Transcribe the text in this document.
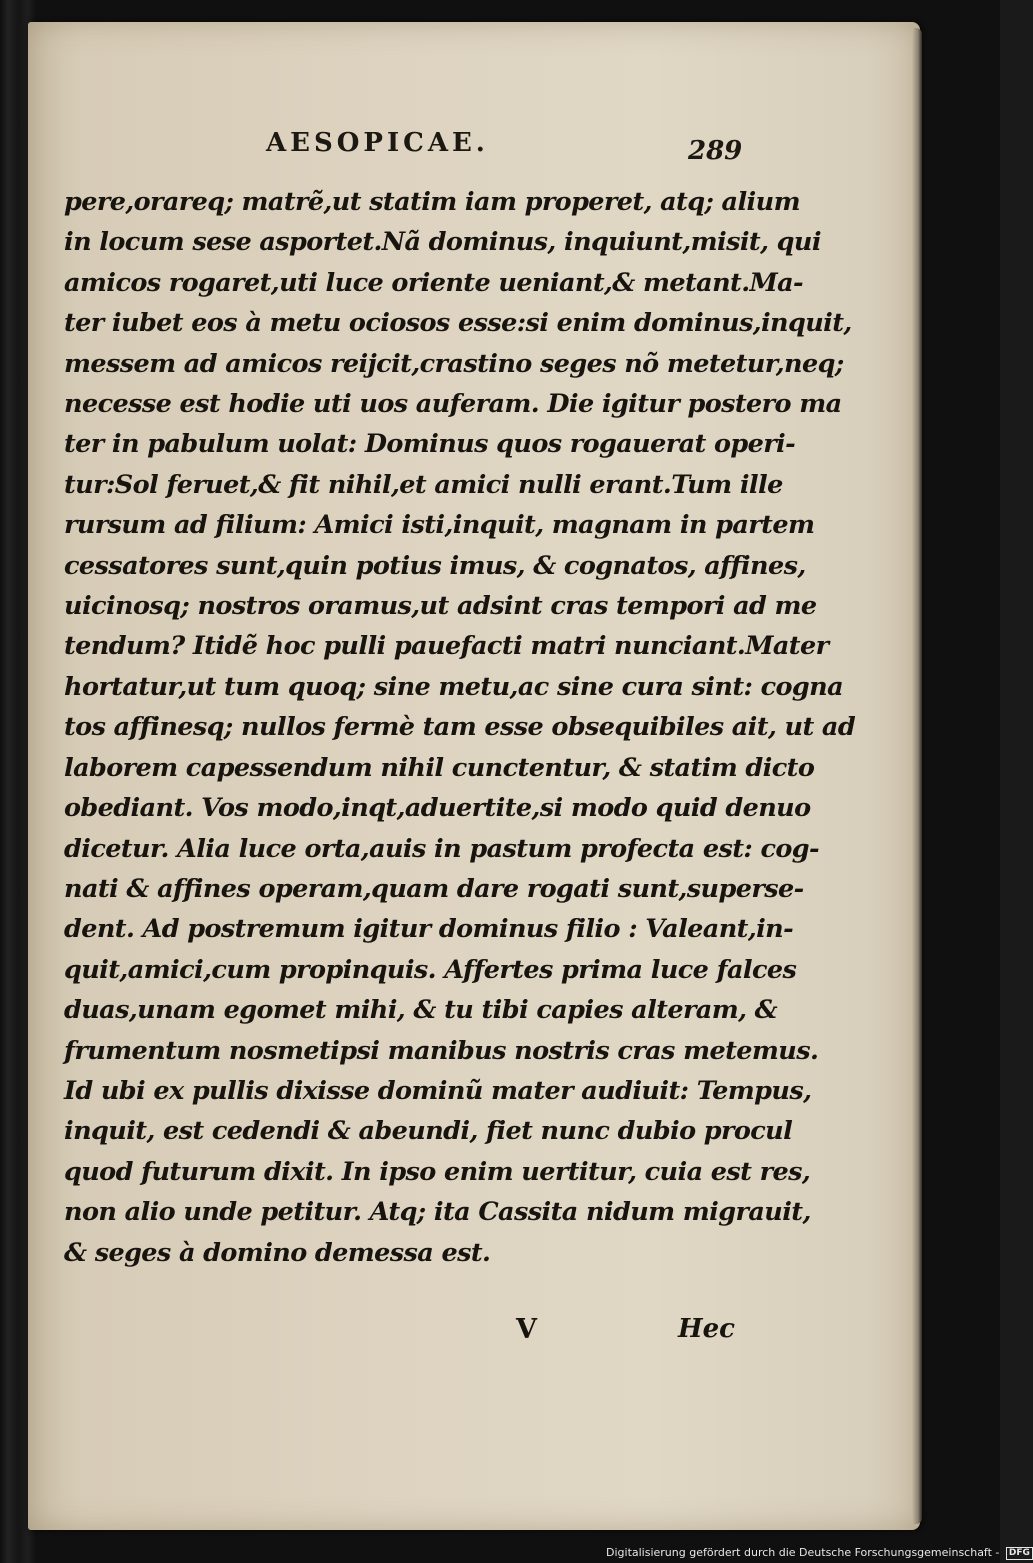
AESOPICAE.	289
pere,orareq; matrẽ,ut statim iam properet, atq; alium
in locum sese asportet.Nã dominus, inquiunt,misit, qui
amicos rogaret,uti luce oriente ueniant,& metant.Ma-
ter iubet eos à metu ociosos esse:si enim dominus,inquit,
messem ad amicos reijcit,crastino seges nõ metetur,neq;
necesse est hodie uti uos auferam. Die igitur postero ma
ter in pabulum uolat: Dominus quos rogauerat operi-
tur:Sol feruet,& fit nihil,et amici nulli erant.Tum ille
rursum ad filium: Amici isti,inquit, magnam in partem
cessatores sunt,quin potius imus, & cognatos, affines,
uicinosq; nostros oramus,ut adsint cras tempori ad me
tendum? Itidẽ hoc pulli pauefacti matri nunciant.Mater
hortatur,ut tum quoq; sine metu,ac sine cura sint: cogna
tos affinesq; nullos fermè tam esse obsequibiles ait, ut ad
laborem capessendum nihil cunctentur, & statim dicto
obediant. Vos modo,inqt,aduertite,si modo quid denuo
dicetur. Alia luce orta,auis in pastum profecta est: cog-
nati & affines operam,quam dare rogati sunt,superse-
dent. Ad postremum igitur dominus filio : Valeant,in-
quit,amici,cum propinquis. Affertes prima luce falces
duas,unam egomet mihi, & tu tibi capies alteram, &
frumentum nosmetipsi manibus nostris cras metemus.
Id ubi ex pullis dixisse dominũ mater audiuit: Tempus,
inquit, est cedendi & abeundi, fiet nunc dubio procul
quod futurum dixit. In ipso enim uertitur, cuia est res,
non alio unde petitur. Atq; ita Cassita nidum migrauit,
& seges à domino demessa est.
V	Hec
Digitalisierung gefördert durch die Deutsche Forschungsgemeinschaft - DFG
